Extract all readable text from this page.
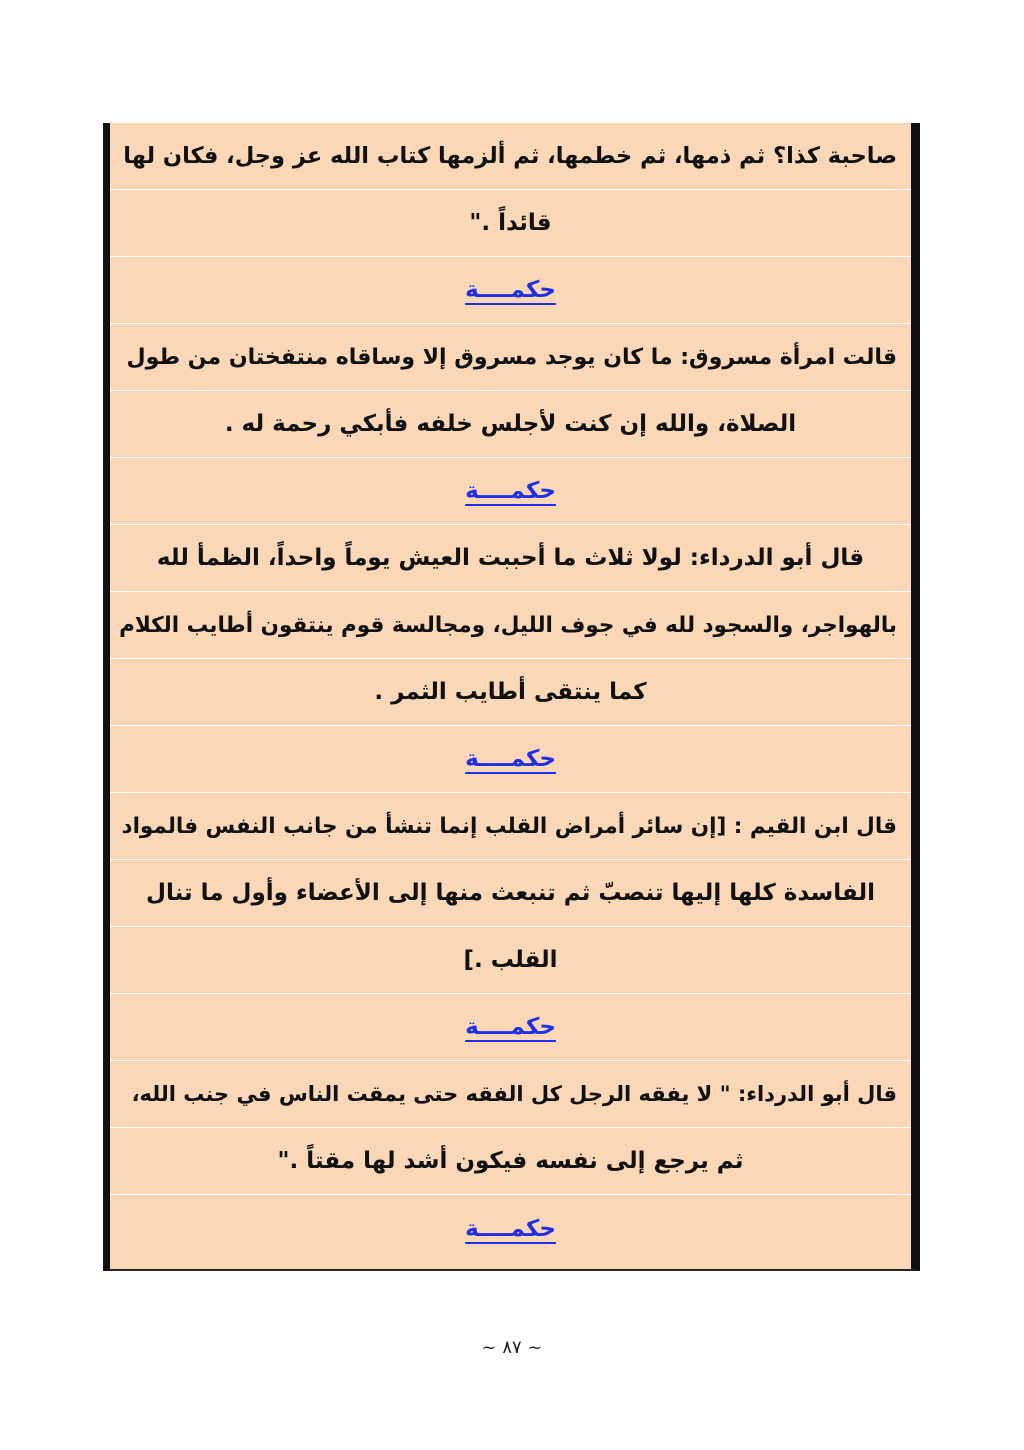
صاحبة كذا؟ ثم ذمها، ثم خطمها، ثم ألزمها كتاب الله عز وجل، فكان لها
قائداً ."
حكمــــة
قالت امرأة مسروق: ما كان يوجد مسروق إلا وساقاه منتفختان من طول
الصلاة، والله إن كنت لأجلس خلفه فأبكي رحمة له .
حكمــــة
قال أبو الدرداء: لولا ثلاث ما أحببت العيش يوماً واحداً، الظمأ لله
بالهواجر، والسجود لله في جوف الليل، ومجالسة قوم ينتقون أطايب الكلام
كما ينتقى أطايب الثمر .
حكمــــة
قال ابن القيم : [إن سائر أمراض القلب إنما تنشأ من جانب النفس فالمواد
الفاسدة كلها إليها تنصبّ ثم تنبعث منها إلى الأعضاء وأول ما تنال
القلب .]
حكمــــة
قال أبو الدرداء: " لا يفقه الرجل كل الفقه حتى يمقت الناس في جنب الله،
ثم يرجع إلى نفسه فيكون أشد لها مقتاً ."
حكمــــة
~ ٨٧ ~
